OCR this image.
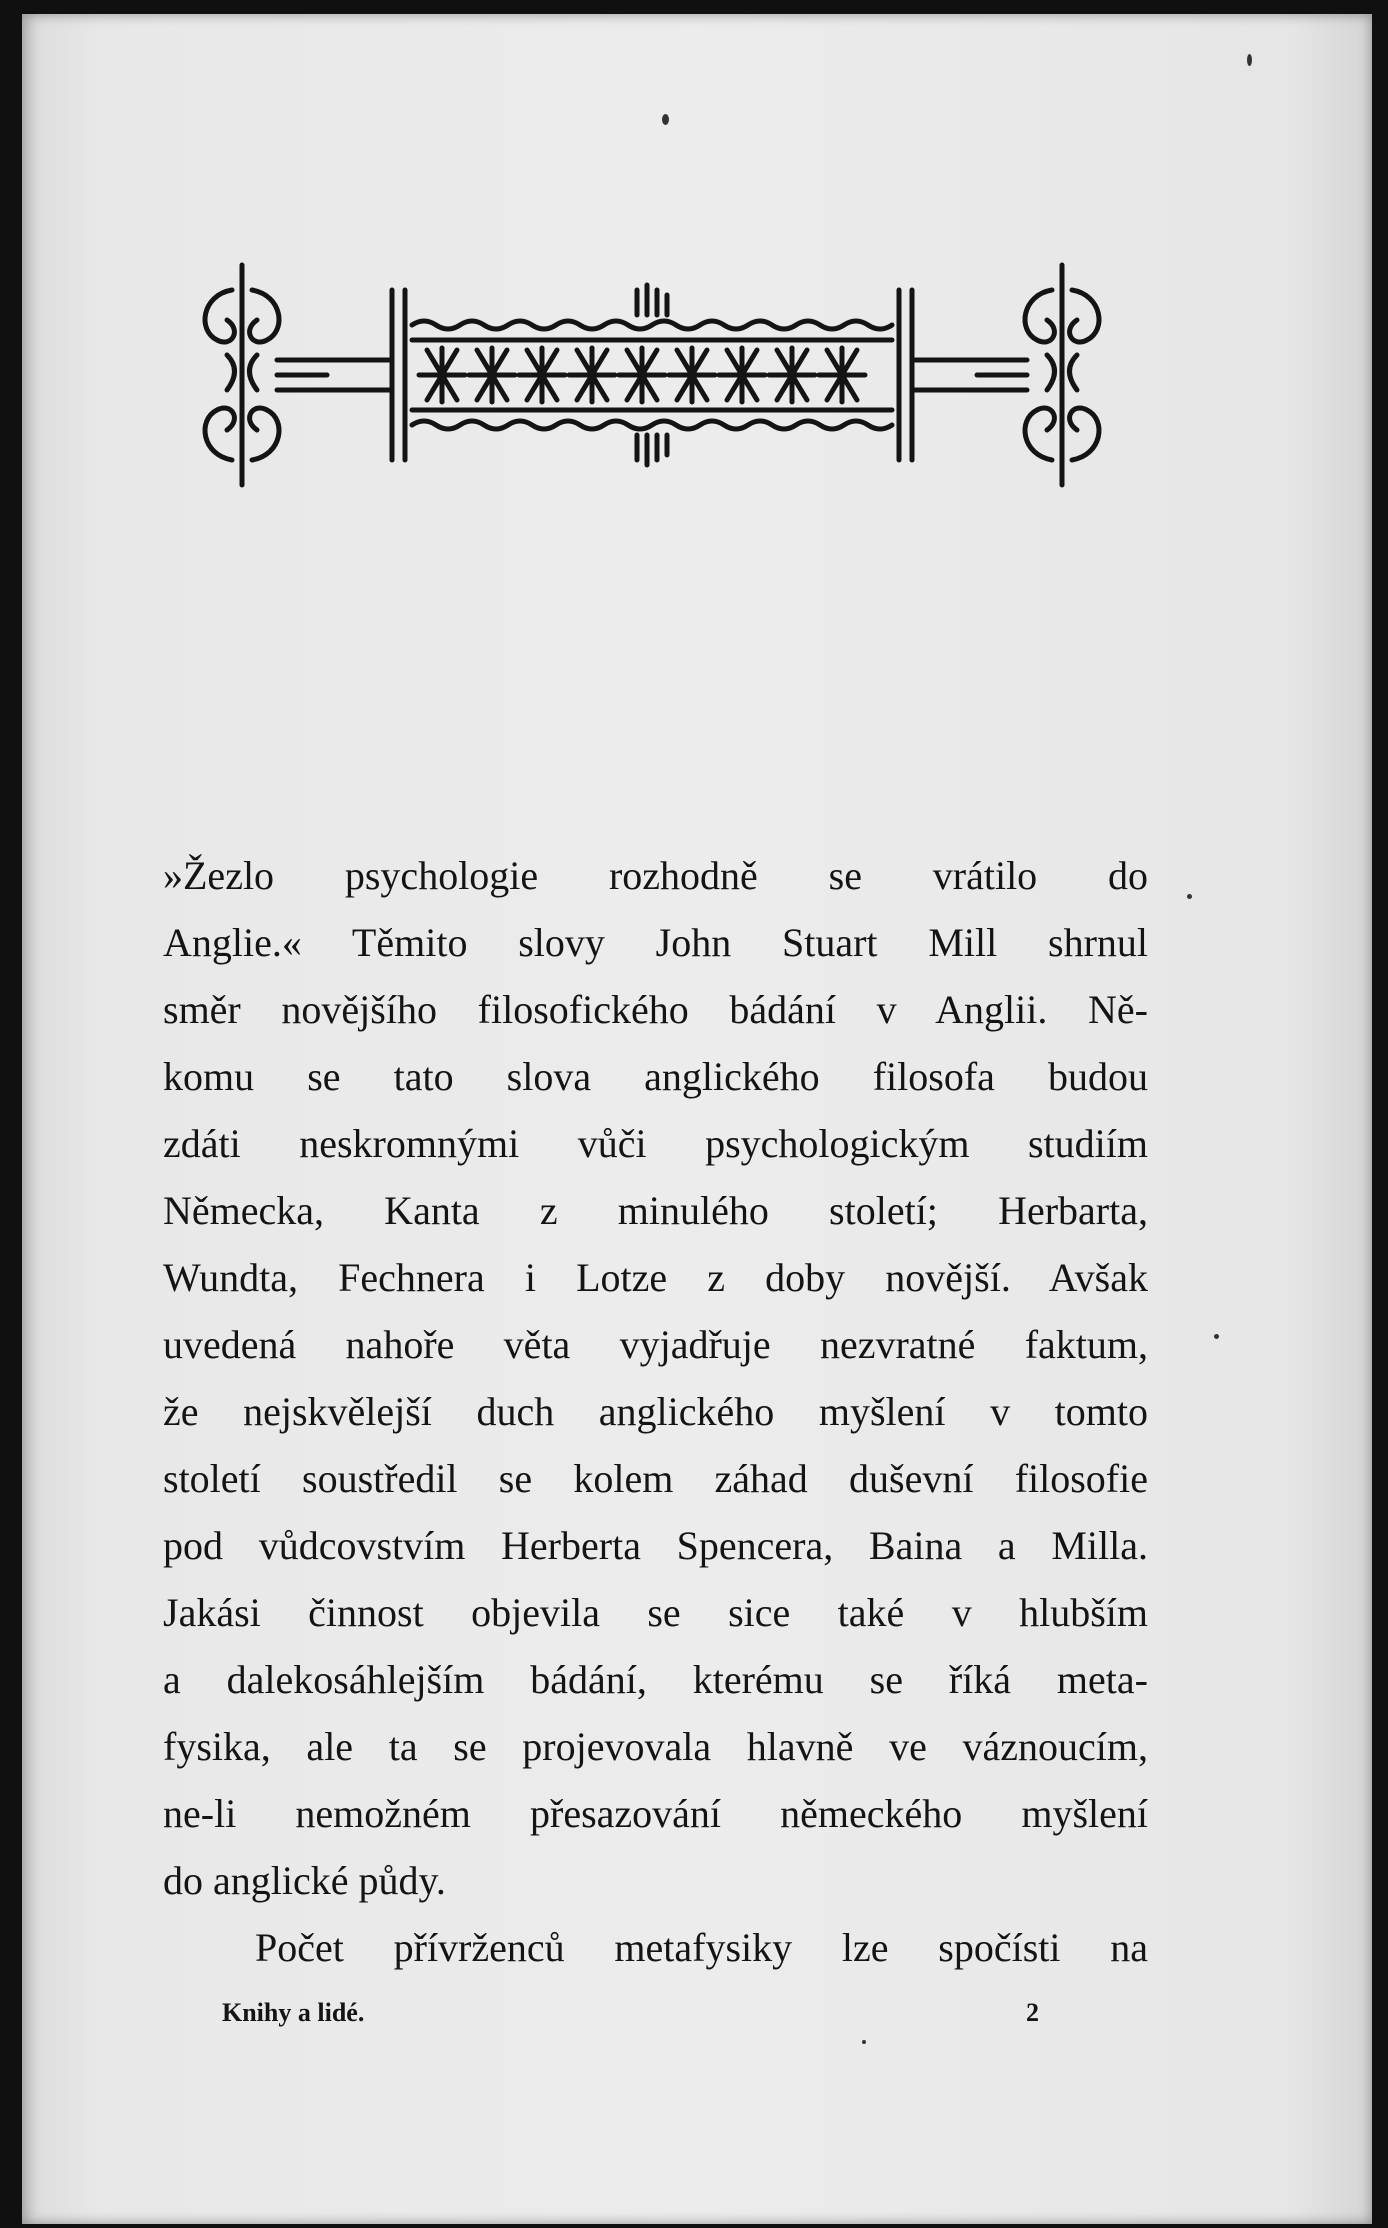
»Žezlo psychologie rozhodně se vrátilo do
Anglie.« Těmito slovy John Stuart Mill shrnul
směr novějšího filosofického bádání v Anglii. Ně-
komu se tato slova anglického filosofa budou
zdáti neskromnými vůči psychologickým studiím
Německa, Kanta z minulého století; Herbarta,
Wundta, Fechnera i Lotze z doby novější. Avšak
uvedená nahoře věta vyjadřuje nezvratné faktum,
že nejskvělejší duch anglického myšlení v tomto
století soustředil se kolem záhad duševní filosofie
pod vůdcovstvím Herberta Spencera, Baina a Milla.
Jakási činnost objevila se sice také v hlubším
a dalekosáhlejším bádání, kterému se říká meta-
fysika, ale ta se projevovala hlavně ve váznoucím,
ne-li nemožném přesazování německého myšlení
do anglické půdy.
Počet přívrženců metafysiky lze spočísti na
Knihy a lidé.	2
